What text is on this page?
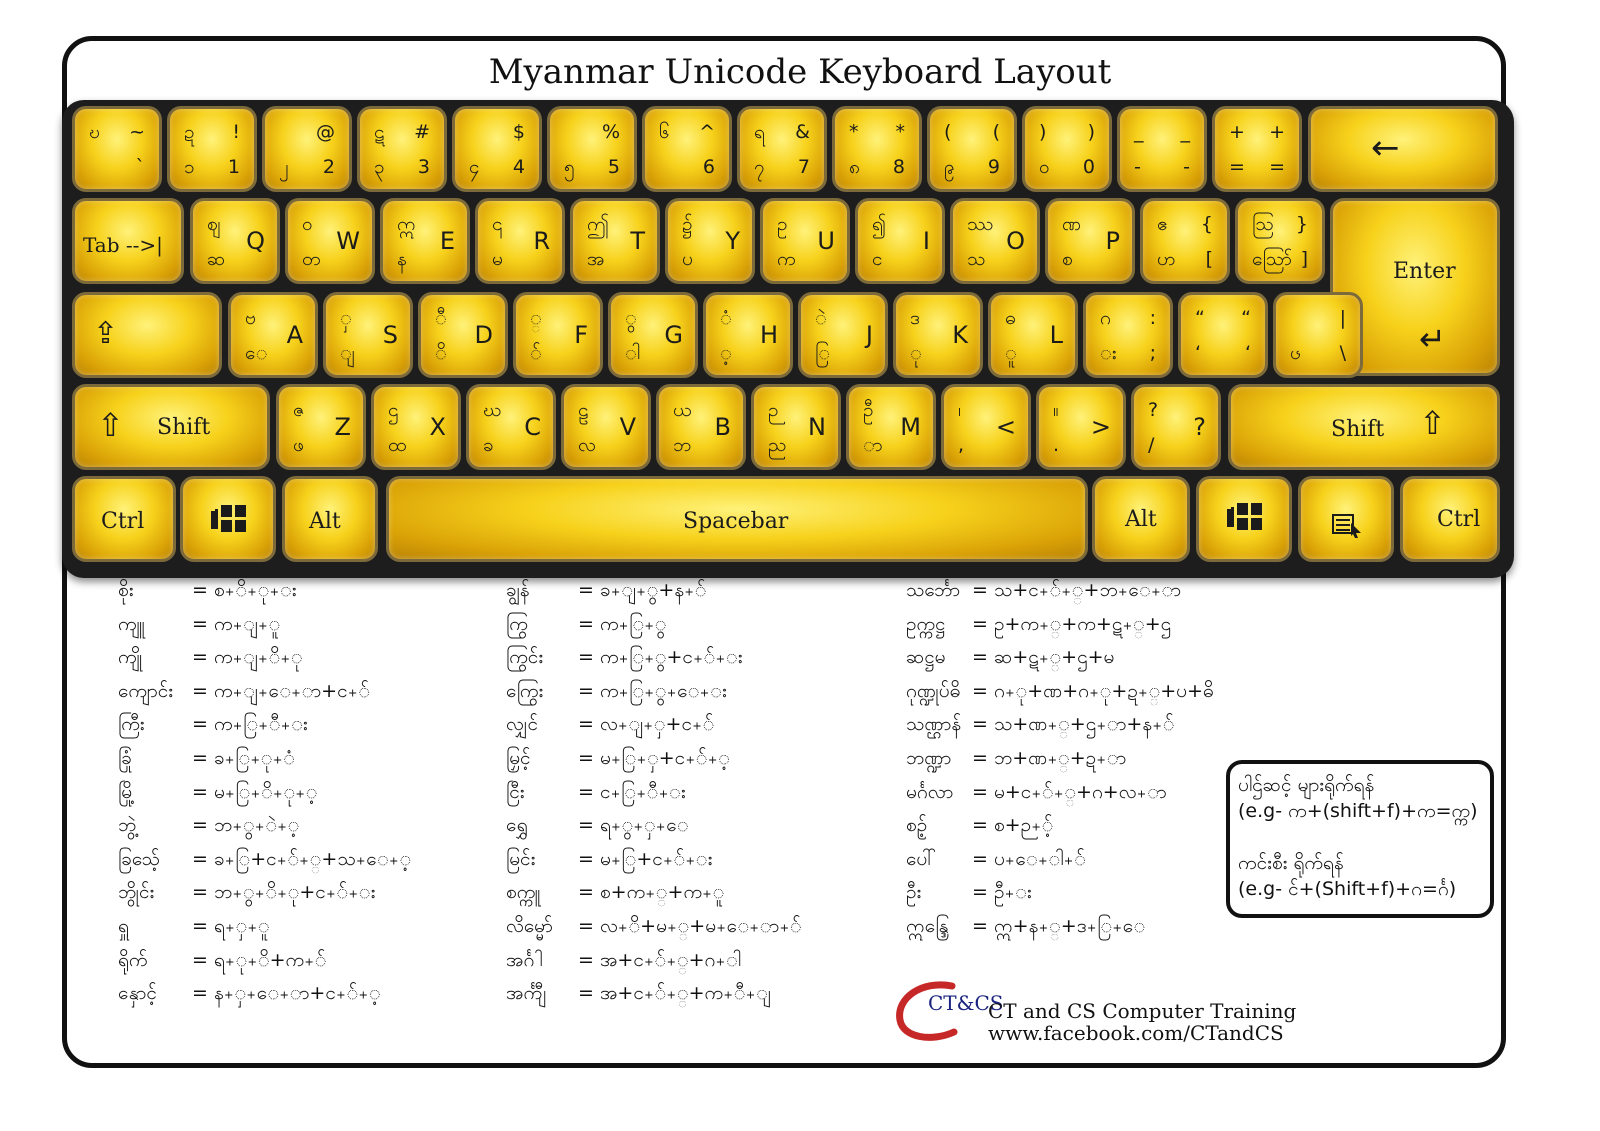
Myanmar Unicode Keyboard Layout
ဎ ~
`
ဍ !
၁ 1
@
၂ 2
ဋ #
၃ 3
$
၄ 4
%
၅ 5
၆ ^
6
ရ &
၇ 7
* *
၈ 8
( (
၉ 9
) )
၀ 0
_ _
- -
+ +
= =	←
Tab -->|
ဈ
ဆ
Q
ဝ
တ
W
ဣ
န
E
၎
မ
R
ဤ
အ
T
၌
ပ
Y
ဥ
က
U
၍
င
I
ဿ
သ
O
ဏ
စ
P
ဧ {
ဟ [
ဩ }
ဪ ]	Enter
↵
⇪	ဗ
ေ
A
ှ
ျ
S
ီ
ိ
D
္
်
F
ွ
ါ
G
ံ
့
H
ဲ
ြ
J
ဒ
ု
K
ဓ
ူ
L
ဂ :
း ;
“ “
‘ ‘
|
ၒ \
⇧ Shift
ဇ
ဖ
Z
ဌ
ထ
X
ဃ
ခ
C
ဠ
လ
V
ယ
ဘ
B
ဉ
ည
N
ဦ
ာ
M
၊
,
<
။
.
>
?
/
?	Shift ⇧
Ctrl	Alt	Spacebar	Alt	Ctrl
စိုး	= စ+ိ+ု+း
ကျူ = က+ျ+ူ
ကျို	= က+ျ+ိ+ု
ကျောင်း = က+ျ+ေ+ာ+င+်
ကြီး = က+ြ+ီ+း
ခြုံ	= ခ+ြ+ု+ံ
မြို့	= မ+ြ+ိ+ု+့
ဘွဲ့	= ဘ+ွ+ဲ+့
ခြသေ့် = ခ+ြ+င+်+္+သ+ေ+့
ဘွိုင်း = ဘ+ွ+ိ+ု+င+်+း
ရှူ	= ရ+ှ+ူ
ရိုက် = ရ+ု+ိ+က+်
နှောင့် = န+ှ+ေ+ာ+င+်+့
ချွန်	= ခ+ျ+ွ+န+်
ကြွ	= က+ြ+ွ
ကြွင်း = က+ြ+ွ+င+်+း
ကြွေး = က+ြ+ွ+ေ+း
လျှင် = လ+ျ+ှ+င+်
မြှင့် = မ+ြ+ှ+င+်+့
ငြီး	= င+ြ+ီ+း
ရွှေ	= ရ+ွ+ှ+ေ
မြင်း = မ+ြ+င+်+း
စက္ကူ = စ+က+္+က+ူ
လိမ္မော် = လ+ိ+မ+္+မ+ေ+ာ+်
အင်္ဂါ = အ+င+်+္+ဂ+ါ
အင်္ကျီ = အ+င+်+္+က+ီ+ျ
သင်္ဘော = သ+င+်+္+ဘ+ေ+ာ
ဥက္ကဋ္ဌ = ဥ+က+္+က+ဋ+္+ဌ
ဆဋ္ဌမ = ဆ+ဋ+္+ဌ+မ
ဂုဏ္ဍုပ်ဓိ = ဂ+ု+ဏ+ဂ+ု+ဍ+္+ပ+ဓိ
သဏ္ဌာန် = သ+ဏ+္+ဌ+ာ+န+်
ဘဏ္ဍာ = ဘ+ဏ+္+ဍ+ာ
မင်္ဂလာ = မ+င+်+္+ဂ+လ+ာ
စဉ့် = စ+ဉ+့်
ပေါ် = ပ+ေ+ါ+်
ဦး	= ဦ+း
ဣန္ဒြေ = ဣ+န+္+ဒ+ြ+ေ
ပါဌ်ဆင့် များရိုက်ရန်
(e.g- က+(shift+f)+က=က္က)
ကင်းစီး ရိုက်ရန်
(e.g- င်+(Shift+f)+ဂ=င်္ဂ)
CT&CS
CT and CS Computer Training
www.facebook.com/CTandCS
